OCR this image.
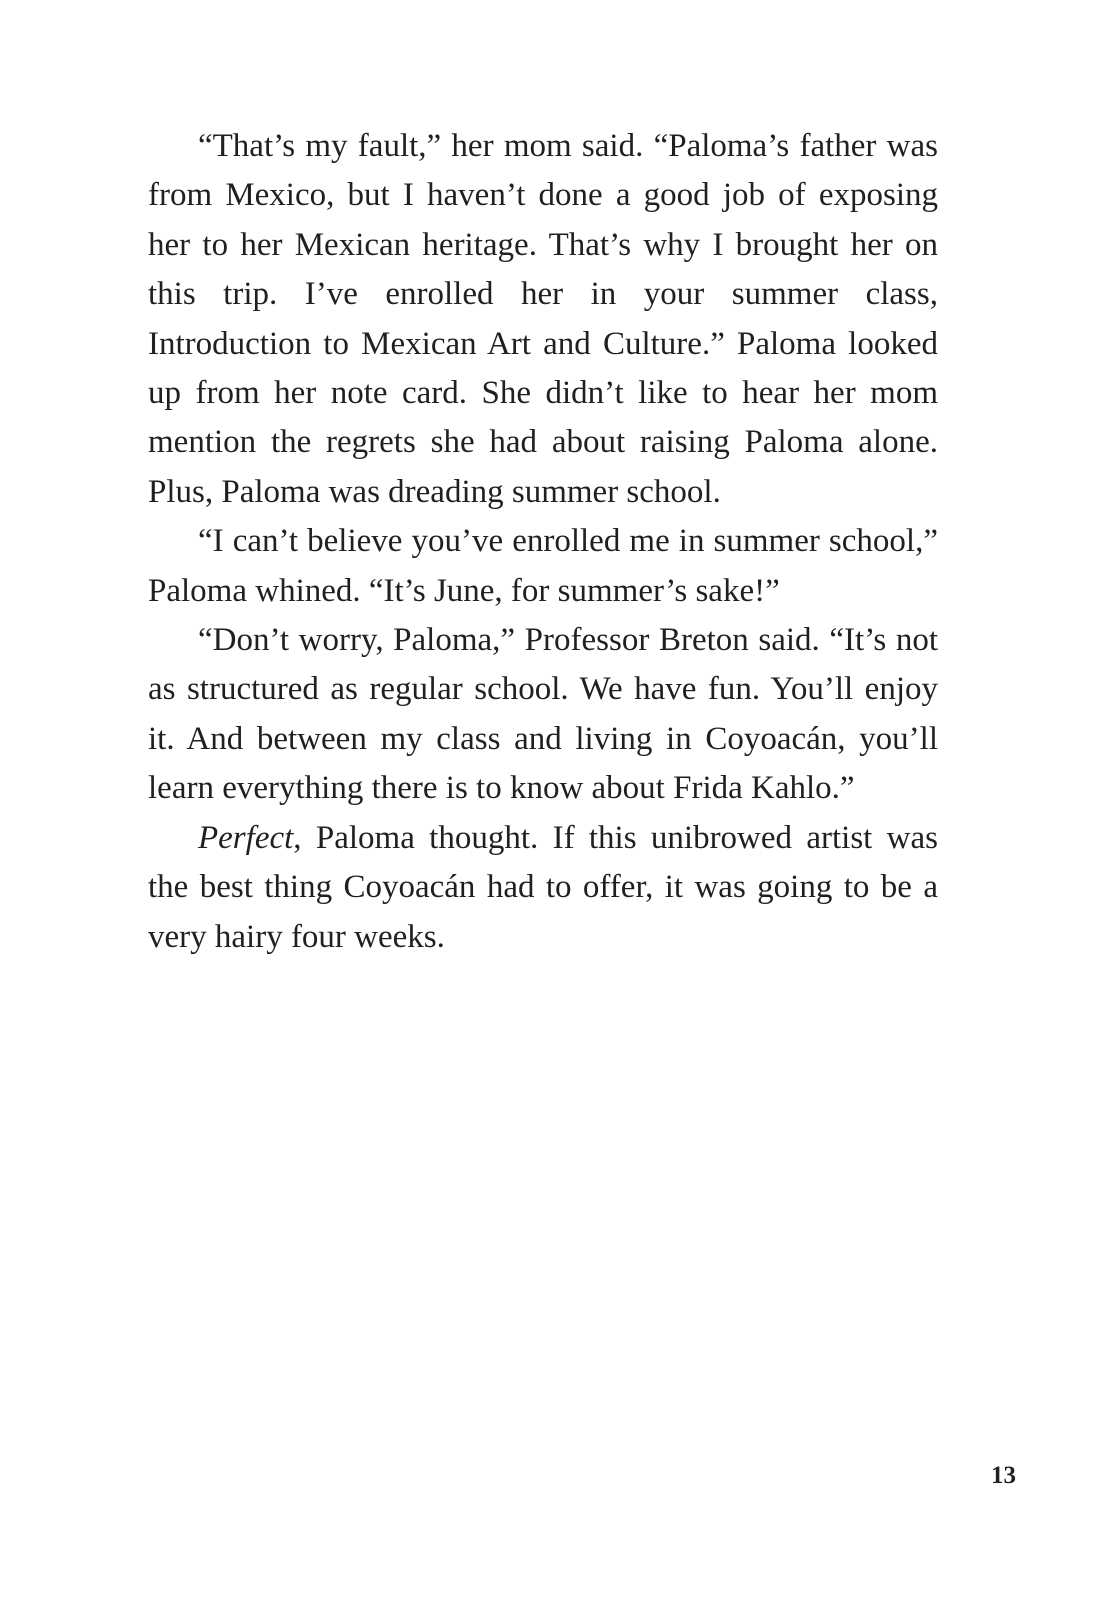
“That’s my fault,” her mom said. “Paloma’s father was from Mexico, but I haven’t done a good job of exposing her to her Mexican heritage. That’s why I brought her on this trip. I’ve enrolled her in your summer class, Introduction to Mexican Art and Culture.” Paloma looked up from her note card. She didn’t like to hear her mom mention the regrets she had about raising Paloma alone. Plus, Paloma was dreading summer school.

“I can’t believe you’ve enrolled me in summer school,” Paloma whined. “It’s June, for summer’s sake!”

“Don’t worry, Paloma,” Professor Breton said. “It’s not as structured as regular school. We have fun. You’ll enjoy it. And between my class and living in Coyoacán, you’ll learn everything there is to know about Frida Kahlo.”

Perfect, Paloma thought. If this unibrowed artist was the best thing Coyoacán had to offer, it was going to be a very hairy four weeks.

13
